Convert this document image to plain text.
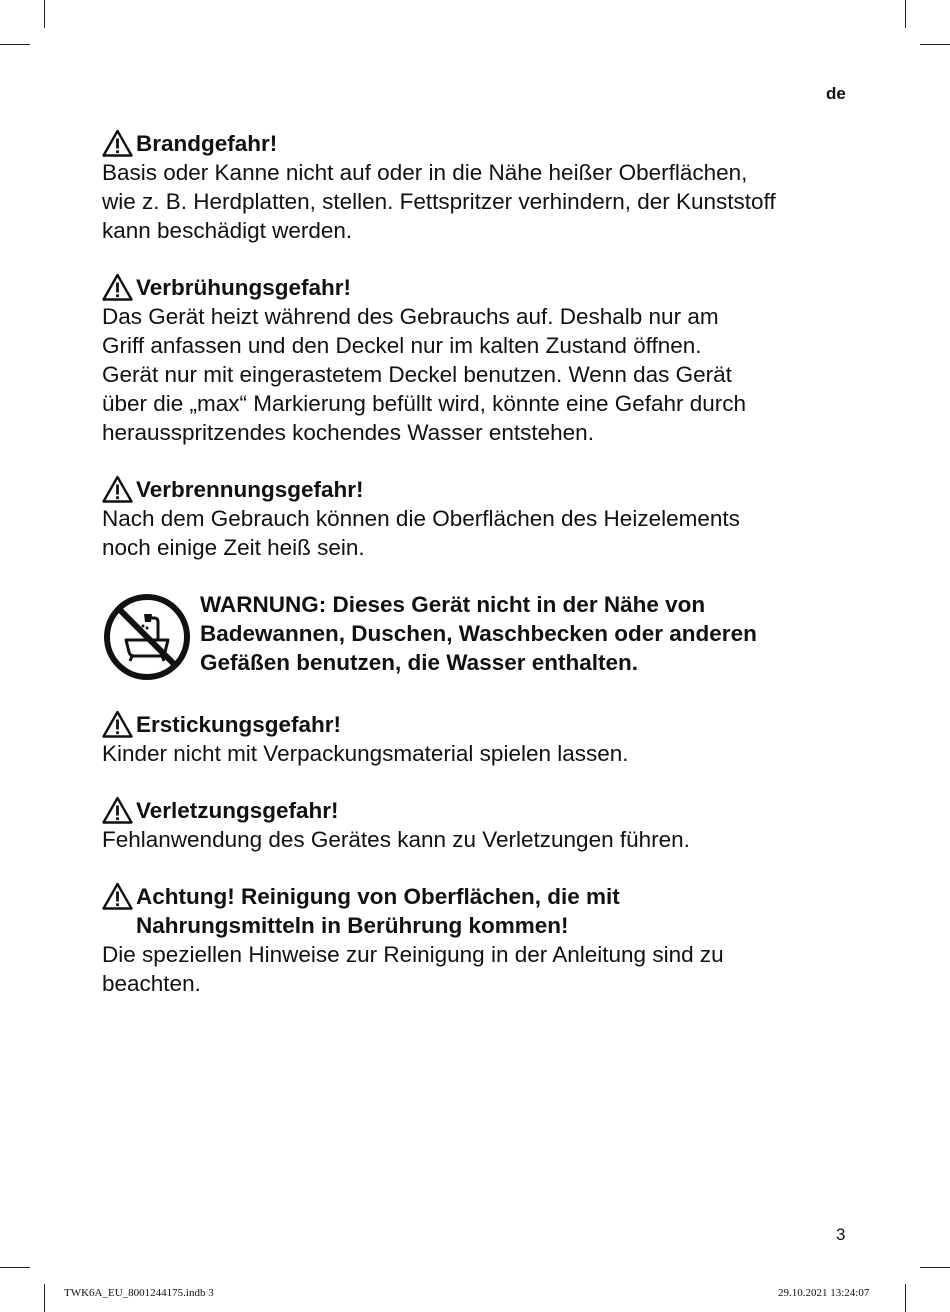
de
Brandgefahr!
Basis oder Kanne nicht auf oder in die Nähe heißer Oberflächen,
wie z. B. Herdplatten, stellen. Fettspritzer verhindern, der Kunststoff
kann beschädigt werden.
Verbrühungsgefahr!
Das Gerät heizt während des Gebrauchs auf. Deshalb nur am
Griff anfassen und den Deckel nur im kalten Zustand öffnen.
Gerät nur mit eingerastetem Deckel benutzen. Wenn das Gerät
über die „max“ Markierung befüllt wird, könnte eine Gefahr durch
herausspritzendes kochendes Wasser entstehen.
Verbrennungsgefahr!
Nach dem Gebrauch können die Oberflächen des Heizelements
noch einige Zeit heiß sein.
WARNUNG: Dieses Gerät nicht in der Nähe von
Badewannen, Duschen, Waschbecken oder anderen
Gefäßen benutzen, die Wasser enthalten.
Erstickungsgefahr!
Kinder nicht mit Verpackungsmaterial spielen lassen.
Verletzungsgefahr!
Fehlanwendung des Gerätes kann zu Verletzungen führen.
Achtung! Reinigung von Oberflächen, die mit
Nahrungsmitteln in Berührung kommen!
Die speziellen Hinweise zur Reinigung in der Anleitung sind zu
beachten.
3
TWK6A_EU_8001244175.indb 3	29.10.2021 13:24:07
